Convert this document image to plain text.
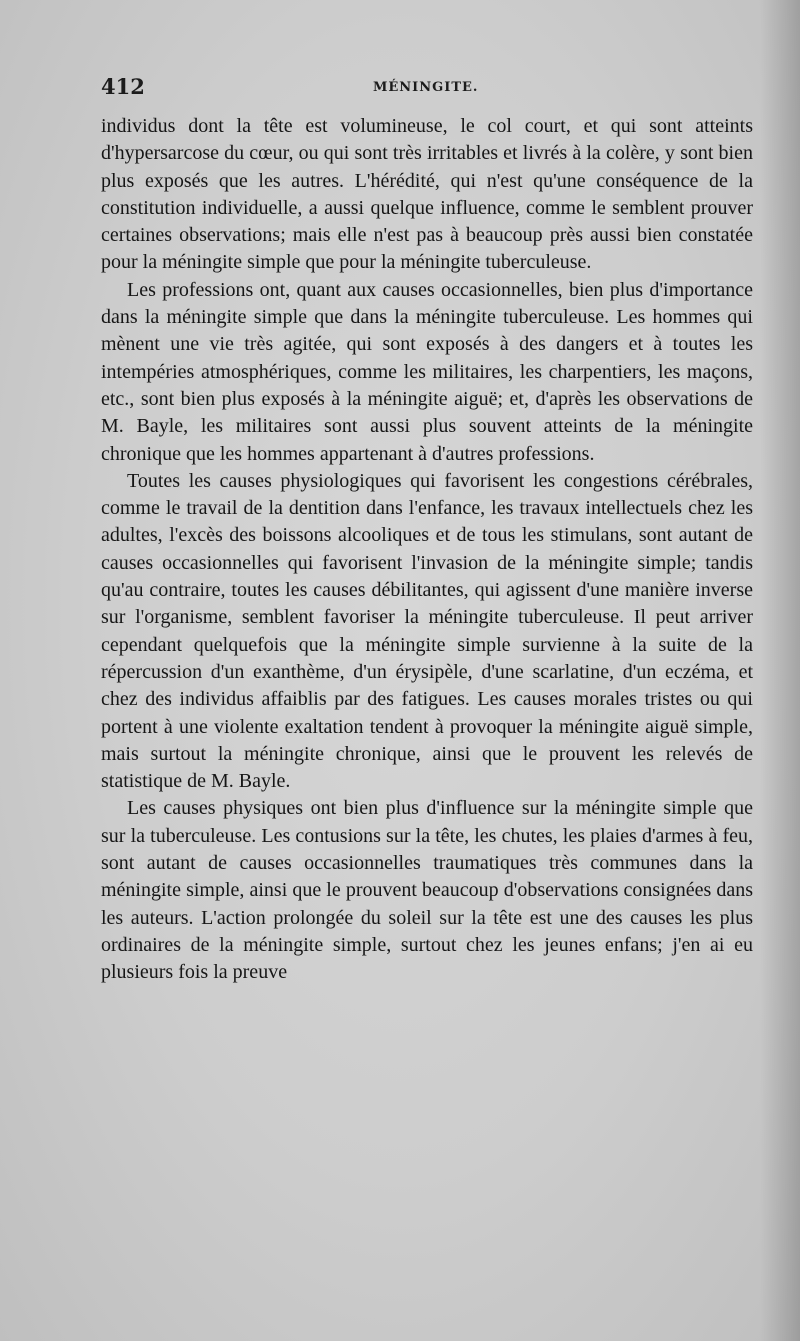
412	MÉNINGITE.

individus dont la tête est volumineuse, le col court, et qui sont atteints d'hypersarcose du cœur, ou qui sont très irritables et livrés à la colère, y sont bien plus exposés que les autres. L'hérédité, qui n'est qu'une conséquence de la constitution individuelle, a aussi quelque influence, comme le semblent prouver certaines observations; mais elle n'est pas à beaucoup près aussi bien constatée pour la méningite simple que pour la méningite tuberculeuse.

Les professions ont, quant aux causes occasionnelles, bien plus d'importance dans la méningite simple que dans la méningite tuberculeuse. Les hommes qui mènent une vie très agitée, qui sont exposés à des dangers et à toutes les intempéries atmosphériques, comme les militaires, les charpentiers, les maçons, etc., sont bien plus exposés à la méningite aiguë; et, d'après les observations de M. Bayle, les militaires sont aussi plus souvent atteints de la méningite chronique que les hommes appartenant à d'autres professions.

Toutes les causes physiologiques qui favorisent les congestions cérébrales, comme le travail de la dentition dans l'enfance, les travaux intellectuels chez les adultes, l'excès des boissons alcooliques et de tous les stimulans, sont autant de causes occasionnelles qui favorisent l'invasion de la méningite simple; tandis qu'au contraire, toutes les causes débilitantes, qui agissent d'une manière inverse sur l'organisme, semblent favoriser la méningite tuberculeuse. Il peut arriver cependant quelquefois que la méningite simple survienne à la suite de la répercussion d'un exanthème, d'un érysipèle, d'une scarlatine, d'un eczéma, et chez des individus affaiblis par des fatigues. Les causes morales tristes ou qui portent à une violente exaltation tendent à provoquer la méningite aiguë simple, mais surtout la méningite chronique, ainsi que le prouvent les relevés de statistique de M. Bayle.

Les causes physiques ont bien plus d'influence sur la méningite simple que sur la tuberculeuse. Les contusions sur la tête, les chutes, les plaies d'armes à feu, sont autant de causes occasionnelles traumatiques très communes dans la méningite simple, ainsi que le prouvent beaucoup d'observations consignées dans les auteurs. L'action prolongée du soleil sur la tête est une des causes les plus ordinaires de la méningite simple, surtout chez les jeunes enfans; j'en ai eu plusieurs fois la preuve
